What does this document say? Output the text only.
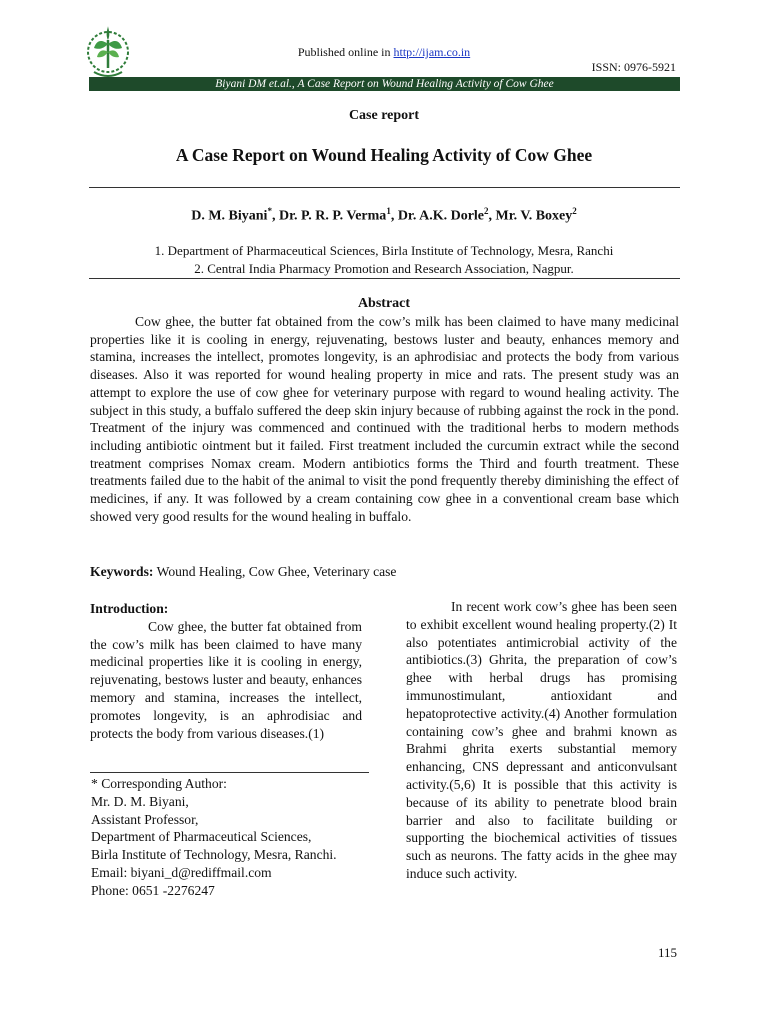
Published online in http://ijam.co.in
ISSN: 0976-5921
Biyani DM et.al., A Case Report on Wound Healing Activity of Cow Ghee
Case report
A Case Report on Wound Healing Activity of Cow Ghee
D. M. Biyani*, Dr. P. R. P. Verma$^1$, Dr. A.K. Dorle$^2$, Mr. V. Boxey$^2$
1. Department of Pharmaceutical Sciences, Birla Institute of Technology, Mesra, Ranchi
2. Central India Pharmacy Promotion and Research Association, Nagpur.
Abstract

Cow ghee, the butter fat obtained from the cow’s milk has been claimed to have many medicinal properties like it is cooling in energy, rejuvenating, bestows luster and beauty, enhances memory and stamina, increases the intellect, promotes longevity, is an aphrodisiac and protects the body from various diseases. Also it was reported for wound healing property in mice and rats. The present study was an attempt to explore the use of cow ghee for veterinary purpose with regard to wound healing activity. The subject in this study, a buffalo suffered the deep skin injury because of rubbing against the rock in the pond. Treatment of the injury was commenced and continued with the traditional herbs to modern methods including antibiotic ointment but it failed. First treatment included the curcumin extract while the second treatment comprises Nomax cream. Modern antibiotics forms the Third and fourth treatment. These treatments failed due to the habit of the animal to visit the pond frequently thereby diminishing the effect of medicines, if any. It was followed by a cream containing cow ghee in a conventional cream base which showed very good results for the wound healing in buffalo.

Keywords: Wound Healing, Cow Ghee, Veterinary case
Introduction:

Cow ghee, the butter fat obtained from the cow’s milk has been claimed to have many medicinal properties like it is cooling in energy, rejuvenating, bestows luster and beauty, enhances memory and stamina, increases the intellect, promotes longevity, is an aphrodisiac and protects the body from various diseases.(1)

* Corresponding Author:
Mr. D. M. Biyani,
Assistant Professor,
Department of Pharmaceutical Sciences,
Birla Institute of Technology, Mesra, Ranchi.
Email: biyani_d@rediffmail.com
Phone: 0651 -2276247

In recent work cow’s ghee has been seen to exhibit excellent wound healing property.(2) It also potentiates antimicrobial activity of the antibiotics.(3) Ghrita, the preparation of cow’s ghee with herbal drugs has promising immunostimulant, antioxidant and hepatoprotective activity.(4) Another formulation containing cow’s ghee and brahmi known as Brahmi ghrita exerts substantial memory enhancing, CNS depressant and anticonvulsant activity.(5,6) It is possible that this activity is because of its ability to penetrate blood brain barrier and also to facilitate building or supporting the biochemical activities of tissues such as neurons. The fatty acids in the ghee may induce such activity.

115
